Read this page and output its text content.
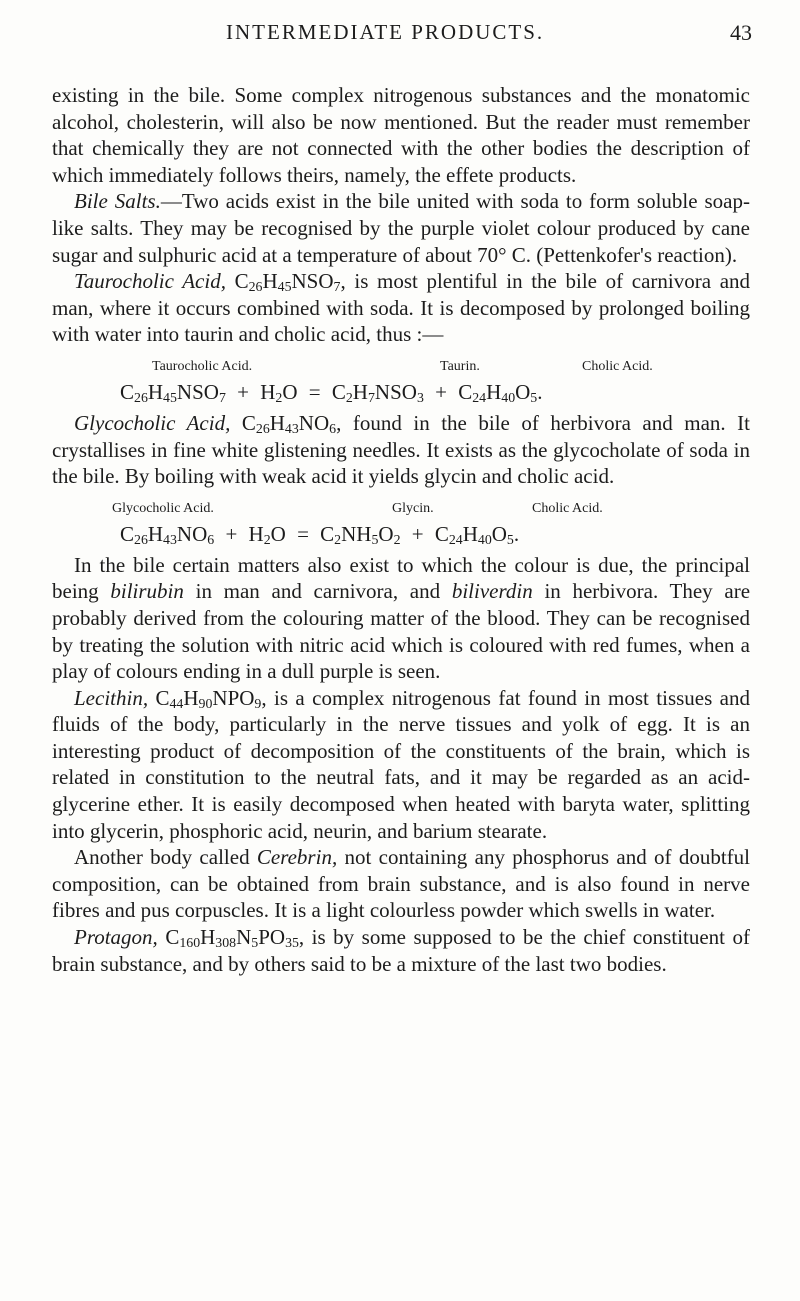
INTERMEDIATE PRODUCTS.	43

existing in the bile. Some complex nitrogenous substances and the monatomic alcohol, cholesterin, will also be now mentioned. But the reader must remember that chemically they are not connected with the other bodies the description of which immediately follows theirs, namely, the effete products.

Bile Salts.—Two acids exist in the bile united with soda to form soluble soap-like salts. They may be recognised by the purple violet colour produced by cane sugar and sulphuric acid at a temperature of about 70° C. (Pettenkofer's reaction).

Taurocholic Acid, $C_{26}H_{45}NSO_7$, is most plentiful in the bile of carnivora and man, where it occurs combined with soda. It is decomposed by prolonged boiling with water into taurin and cholic acid, thus :—

Taurocholic Acid.	Taurin.	Cholic Acid.
$C_{26}H_{45}NSO_7 + H_2O = C_2H_7NSO_3 + C_{24}H_{40}O_5$.

Glycocholic Acid, $C_{26}H_{43}NO_6$, found in the bile of herbivora and man. It crystallises in fine white glistening needles. It exists as the glycocholate of soda in the bile. By boiling with weak acid it yields glycin and cholic acid.

Glycocholic Acid.	Glycin.	Cholic Acid.
$C_{26}H_{43}NO_6 + H_2O = C_2NH_5O_2 + C_{24}H_{40}O_5$.

In the bile certain matters also exist to which the colour is due, the principal being bilirubin in man and carnivora, and biliverdin in herbivora. They are probably derived from the colouring matter of the blood. They can be recognised by treating the solution with nitric acid which is coloured with red fumes, when a play of colours ending in a dull purple is seen.

Lecithin, $C_{44}H_{90}NPO_9$, is a complex nitrogenous fat found in most tissues and fluids of the body, particularly in the nerve tissues and yolk of egg. It is an interesting product of decomposition of the constituents of the brain, which is related in constitution to the neutral fats, and it may be regarded as an acid-glycerine ether. It is easily decomposed when heated with baryta water, splitting into glycerin, phosphoric acid, neurin, and barium stearate.

Another body called Cerebrin, not containing any phosphorus and of doubtful composition, can be obtained from brain substance, and is also found in nerve fibres and pus corpuscles. It is a light colourless powder which swells in water.

Protagon, $C_{160}H_{308}N_5PO_{35}$, is by some supposed to be the chief constituent of brain substance, and by others said to be a mixture of the last two bodies.
